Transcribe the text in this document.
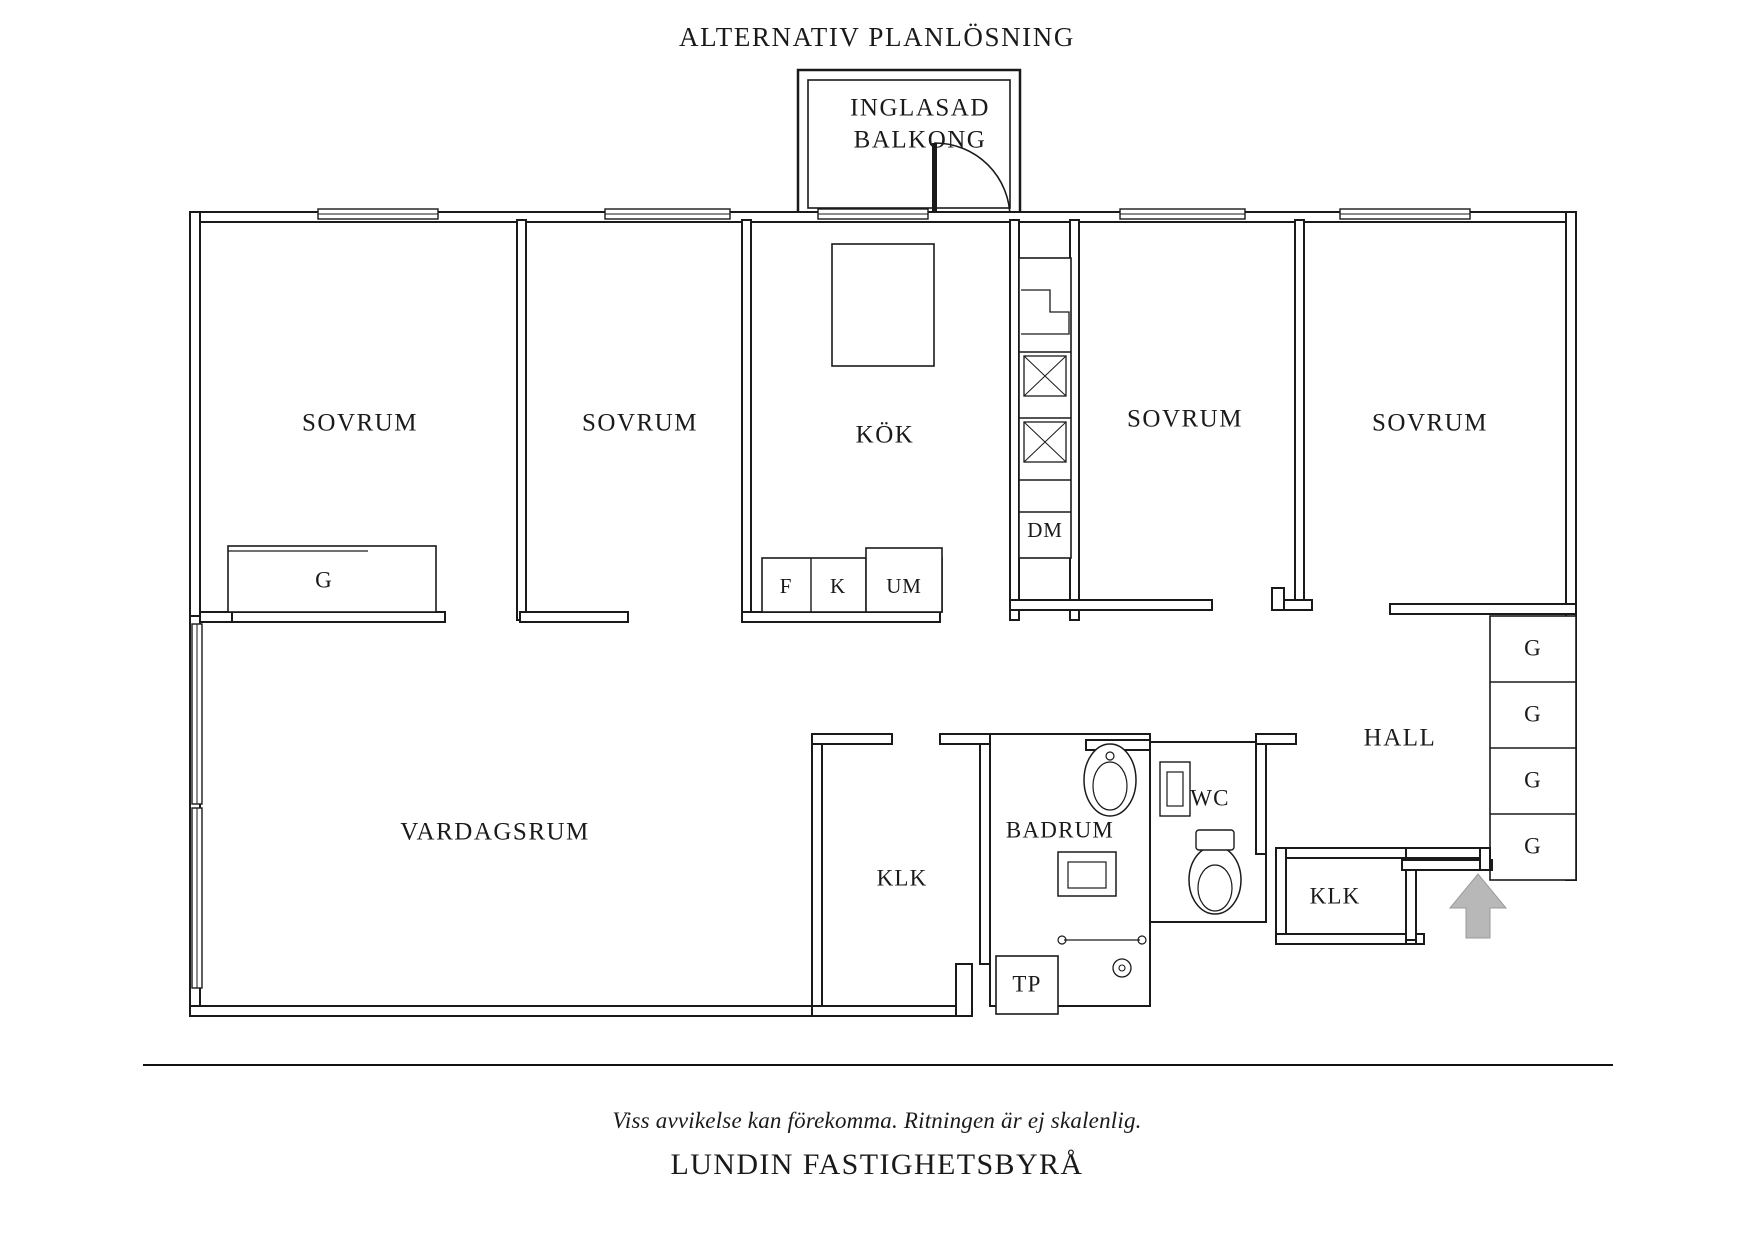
ALTERNATIV PLANLÖSNING
SOVRUM	SOVRUM	KÖK
SOVRUM	SOVRUM
VARDAGSRUM
HALL
BADRUM
WC
KLK
KLK
G	F K UM
DM
TP
G
G
G
G
INGLASAD
BALKONG
Viss avvikelse kan förekomma. Ritningen är ej skalenlig.
LUNDIN FASTIGHETSBYRÅ
